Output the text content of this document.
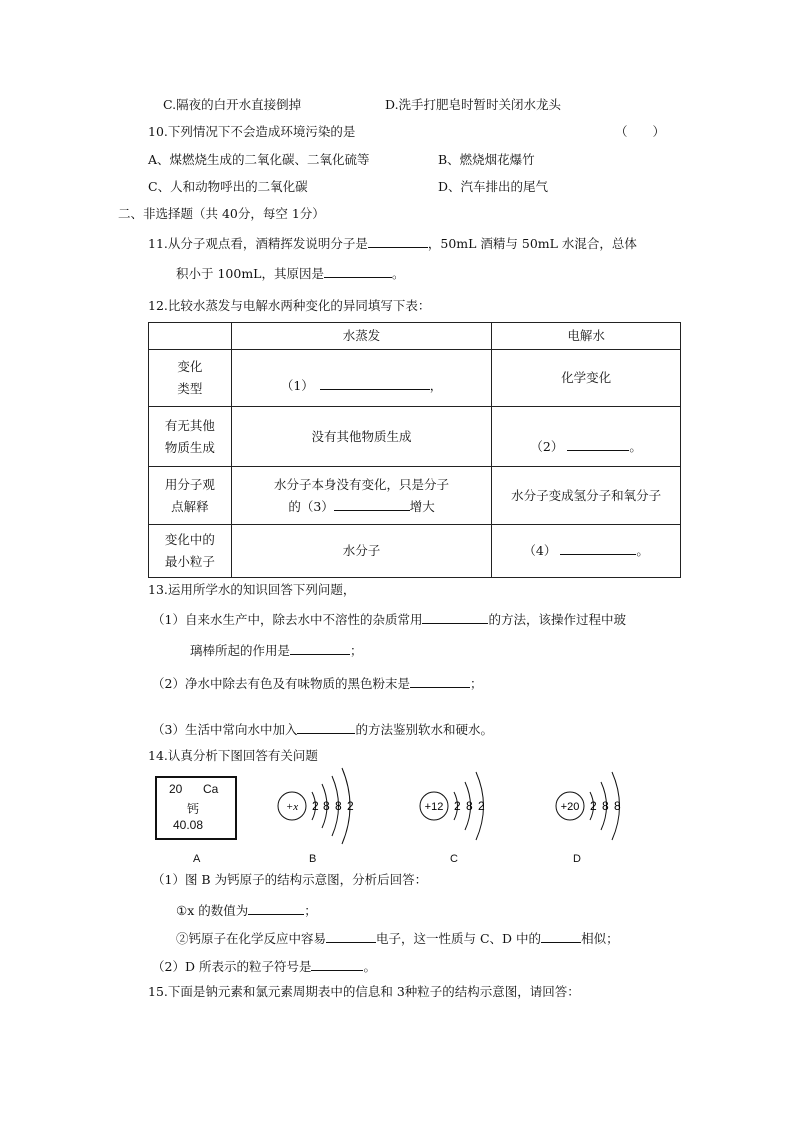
C.隔夜的白开水直接倒掉	D.洗手打肥皂时暂时关闭水龙头
10.下列情况下不会造成环境污染的是	（　　）
A、煤燃烧生成的二氧化碳、二氧化硫等	B、燃烧烟花爆竹
C、人和动物呼出的二氧化碳	D、汽车排出的尾气
二、非选择题（共 40分，每空 1分）
11.从分子观点看，酒精挥发说明分子是	，50mL 酒精与 50mL 水混合，总体
积小于 100mL，其原因是	。
12.比较水蒸发与电解水两种变化的异同填写下表：
	水蒸发	电解水

变化
类型	（1） ，	化学变化

有无其他
物质生成	没有其他物质生成	（2） 。

用分子观
点解释	水分子本身没有变化，只是分子
的（3） 增大	水分子变成氢分子和氧分子

变化中的
最小粒子	水分子	（4） 。
13.运用所学水的知识回答下列问题，
（1）自来水生产中，除去水中不溶性的杂质常用	的方法，该操作过程中玻
璃棒所起的作用是	；
（2）净水中除去有色及有味物质的黑色粉末是	；
（3）生活中常向水中加入	的方法鉴别软水和硬水。
14.认真分析下图回答有关问题
20 Ca
钙
40.08
+x 2 8 8 2	+12 2 8 2	+20 2 8 8
A	B	C	D
（1）图 B 为钙原子的结构示意图，分析后回答：
①x 的数值为	；
②钙原子在化学反应中容易	电子，这一性质与 C、D 中的	相似；
（2）D 所表示的粒子符号是	。
15.下面是钠元素和氯元素周期表中的信息和 3种粒子的结构示意图，请回答：
